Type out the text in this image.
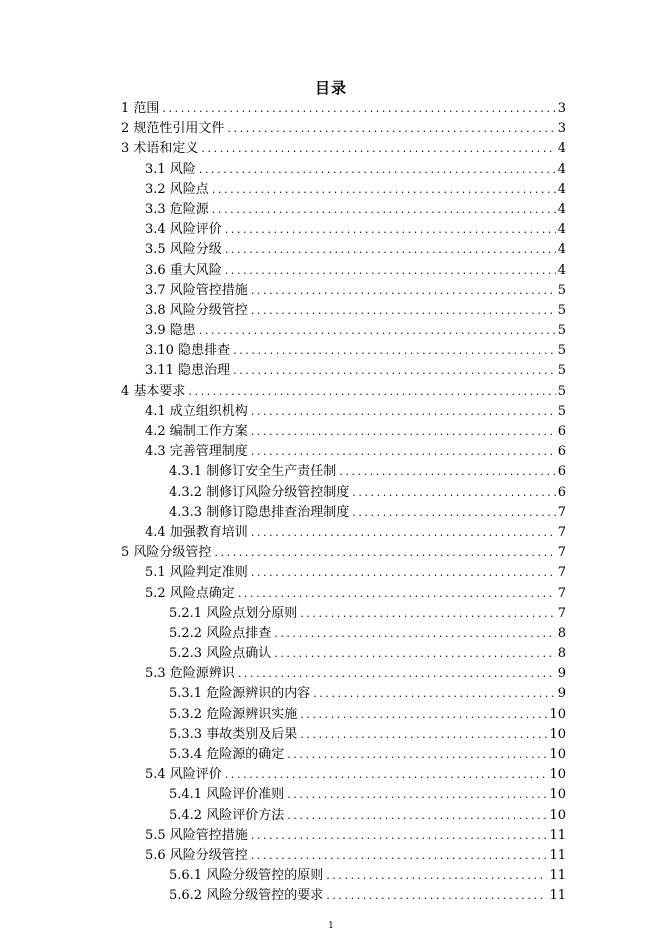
目录
1 范围 .....	3
2 规范性引用文件 .....	3
3 术语和定义 .....	4
3.1 风险 .....	4
3.2 风险点 .....	4
3.3 危险源 .....	4
3.4 风险评价 .....	4
3.5 风险分级 .....	4
3.6 重大风险 .....	4
3.7 风险管控措施 .....	5
3.8 风险分级管控 .....	5
3.9 隐患 .....	5
3.10 隐患排查 .....	5
3.11 隐患治理 .....	5
4 基本要求 .....	5
4.1 成立组织机构 .....	5
4.2 编制工作方案 .....	6
4.3 完善管理制度 .....	6
4.3.1 制修订安全生产责任制 .....	6
4.3.2 制修订风险分级管控制度 .....	6
4.3.3 制修订隐患排查治理制度 .....	7
4.4 加强教育培训 .....	7
5 风险分级管控 .....	7
5.1 风险判定准则 .....	7
5.2 风险点确定 .....	7
5.2.1 风险点划分原则 .....	7
5.2.2 风险点排查 .....	8
5.2.3 风险点确认 .....	8
5.3 危险源辨识 .....	9
5.3.1 危险源辨识的内容 .....	9
5.3.2 危险源辨识实施 .....	10
5.3.3 事故类别及后果 .....	10
5.3.4 危险源的确定 .....	10
5.4 风险评价 .....	10
5.4.1 风险评价准则 .....	10
5.4.2 风险评价方法 .....	10
5.5 风险管控措施 .....	11
5.6 风险分级管控 .....	11
5.6.1 风险分级管控的原则 .....	11
5.6.2 风险分级管控的要求 .....	11
1
